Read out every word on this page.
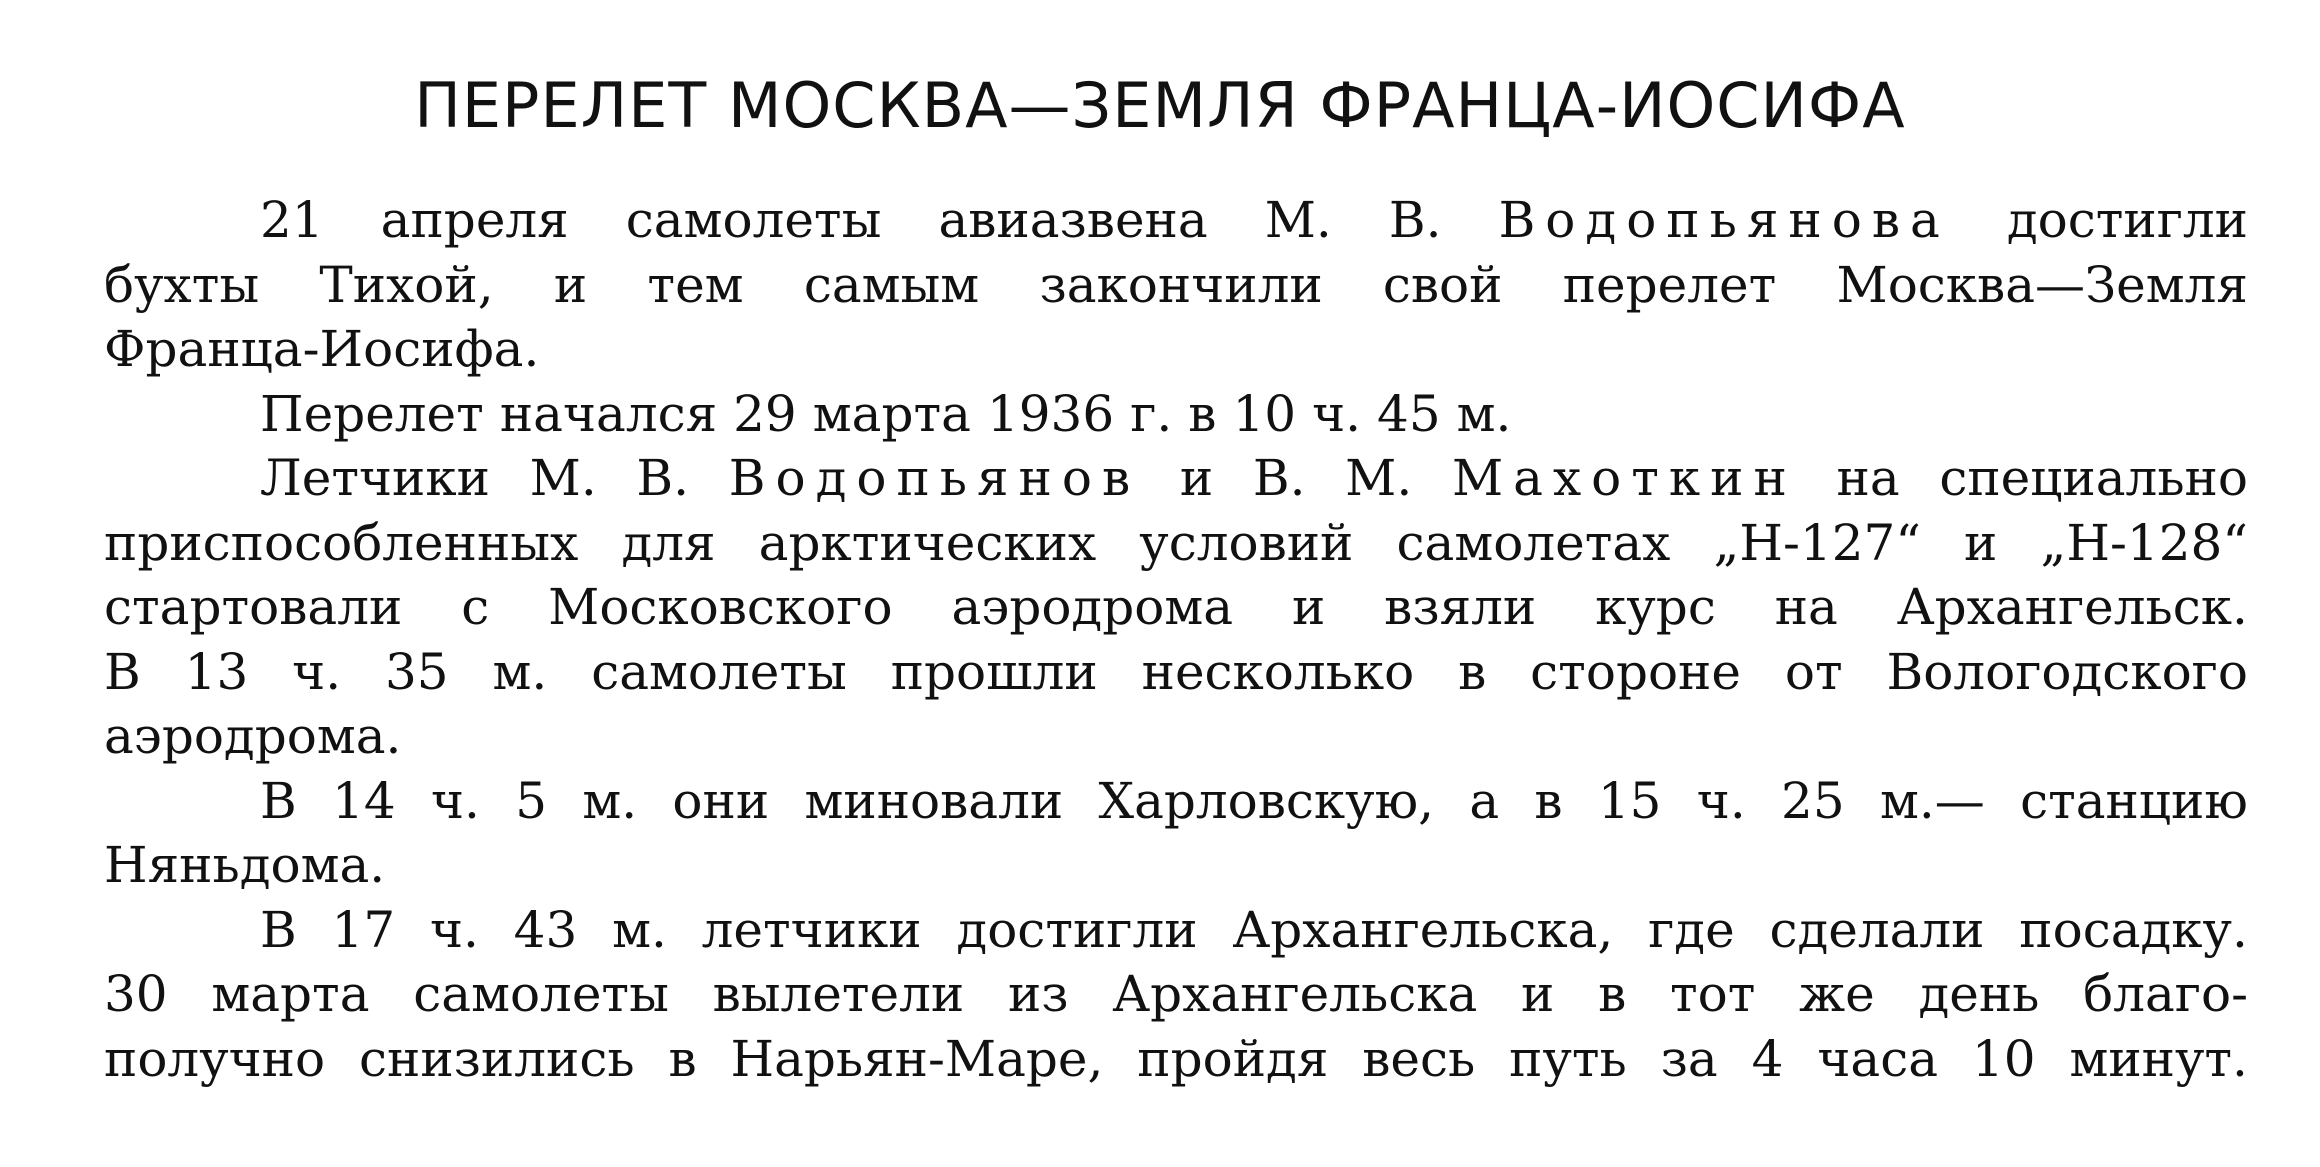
ПЕРЕЛЕТ МОСКВА—ЗЕМЛЯ ФРАНЦА-ИОСИФА
21 апреля самолеты авиазвена М. В. Водопьянова достигли
бухты Тихой, и тем самым закончили свой перелет Москва—Земля
Франца-Иосифа.
Перелет начался 29 марта 1936 г. в 10 ч. 45 м.
Летчики М. В. Водопьянов и В. М. Махоткин на специально
приспособленных для арктических условий самолетах „Н-127“ и „Н-128“
стартовали с Московского аэродрома и взяли курс на Архангельск.
В 13 ч. 35 м. самолеты прошли несколько в стороне от Вологодского
аэродрома.
В 14 ч. 5 м. они миновали Харловскую, а в 15 ч. 25 м.— станцию
Няньдома.
В 17 ч. 43 м. летчики достигли Архангельска, где сделали посадку.
30 марта самолеты вылетели из Архангельска и в тот же день благо-
получно снизились в Нарьян-Маре, пройдя весь путь за 4 часа 10 минут.
